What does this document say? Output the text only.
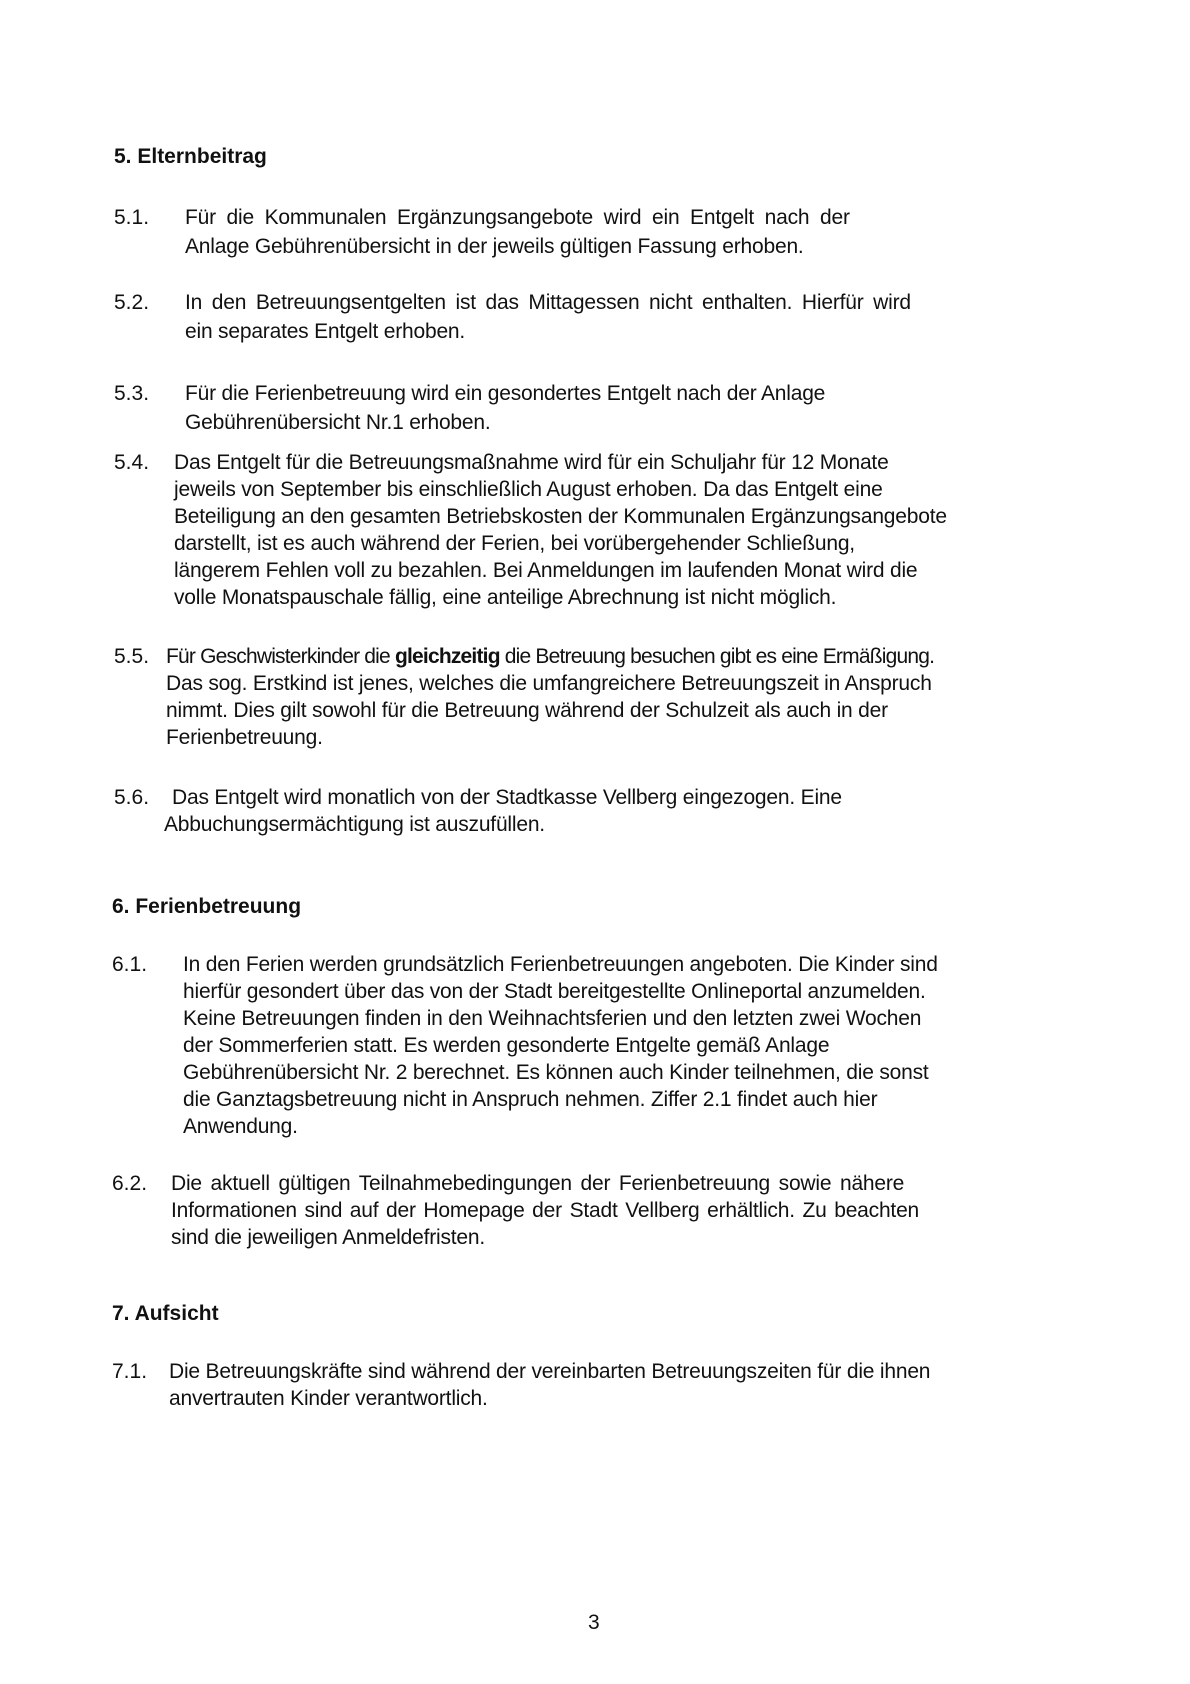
5. Elternbeitrag
5.1. Für die Kommunalen Ergänzungsangebote wird ein Entgelt nach der
Anlage Gebührenübersicht in der jeweils gültigen Fassung erhoben.
5.2. In den Betreuungsentgelten ist das Mittagessen nicht enthalten. Hierfür wird
ein separates Entgelt erhoben.
5.3. Für die Ferienbetreuung wird ein gesondertes Entgelt nach der Anlage
Gebührenübersicht Nr.1 erhoben.
5.4. Das Entgelt für die Betreuungsmaßnahme wird für ein Schuljahr für 12 Monate
jeweils von September bis einschließlich August erhoben. Da das Entgelt eine
Beteiligung an den gesamten Betriebskosten der Kommunalen Ergänzungsangebote
darstellt, ist es auch während der Ferien, bei vorübergehender Schließung,
längerem Fehlen voll zu bezahlen. Bei Anmeldungen im laufenden Monat wird die
volle Monatspauschale fällig, eine anteilige Abrechnung ist nicht möglich.
5.5. Für Geschwisterkinder die gleichzeitig die Betreuung besuchen gibt es eine Ermäßigung.
Das sog. Erstkind ist jenes, welches die umfangreichere Betreuungszeit in Anspruch
nimmt. Dies gilt sowohl für die Betreuung während der Schulzeit als auch in der
Ferienbetreuung.
5.6. Das Entgelt wird monatlich von der Stadtkasse Vellberg eingezogen. Eine
Abbuchungsermächtigung ist auszufüllen.
6. Ferienbetreuung
6.1. In den Ferien werden grundsätzlich Ferienbetreuungen angeboten. Die Kinder sind
hierfür gesondert über das von der Stadt bereitgestellte Onlineportal anzumelden.
Keine Betreuungen finden in den Weihnachtsferien und den letzten zwei Wochen
der Sommerferien statt. Es werden gesonderte Entgelte gemäß Anlage
Gebührenübersicht Nr. 2 berechnet. Es können auch Kinder teilnehmen, die sonst
die Ganztagsbetreuung nicht in Anspruch nehmen. Ziffer 2.1 findet auch hier
Anwendung.
6.2. Die aktuell gültigen Teilnahmebedingungen der Ferienbetreuung sowie nähere
Informationen sind auf der Homepage der Stadt Vellberg erhältlich. Zu beachten
sind die jeweiligen Anmeldefristen.
7. Aufsicht
7.1. Die Betreuungskräfte sind während der vereinbarten Betreuungszeiten für die ihnen
anvertrauten Kinder verantwortlich.
3
